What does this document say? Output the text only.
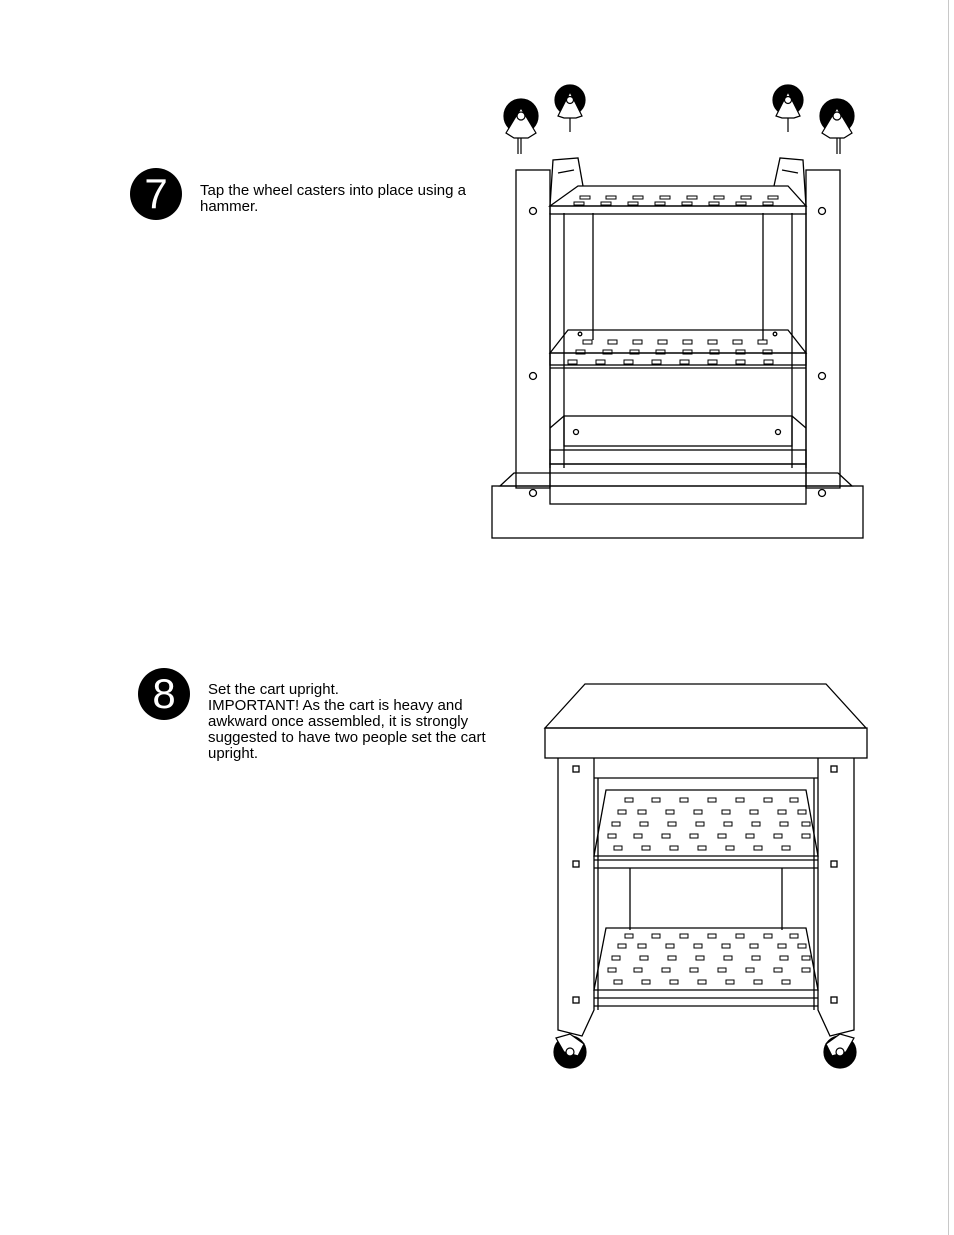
7	Tap the wheel casters into place using a
hammer.
8	Set the cart upright.
IMPORTANT! As the cart is heavy and
awkward once assembled, it is strongly
suggested to have two people set the cart
upright.
